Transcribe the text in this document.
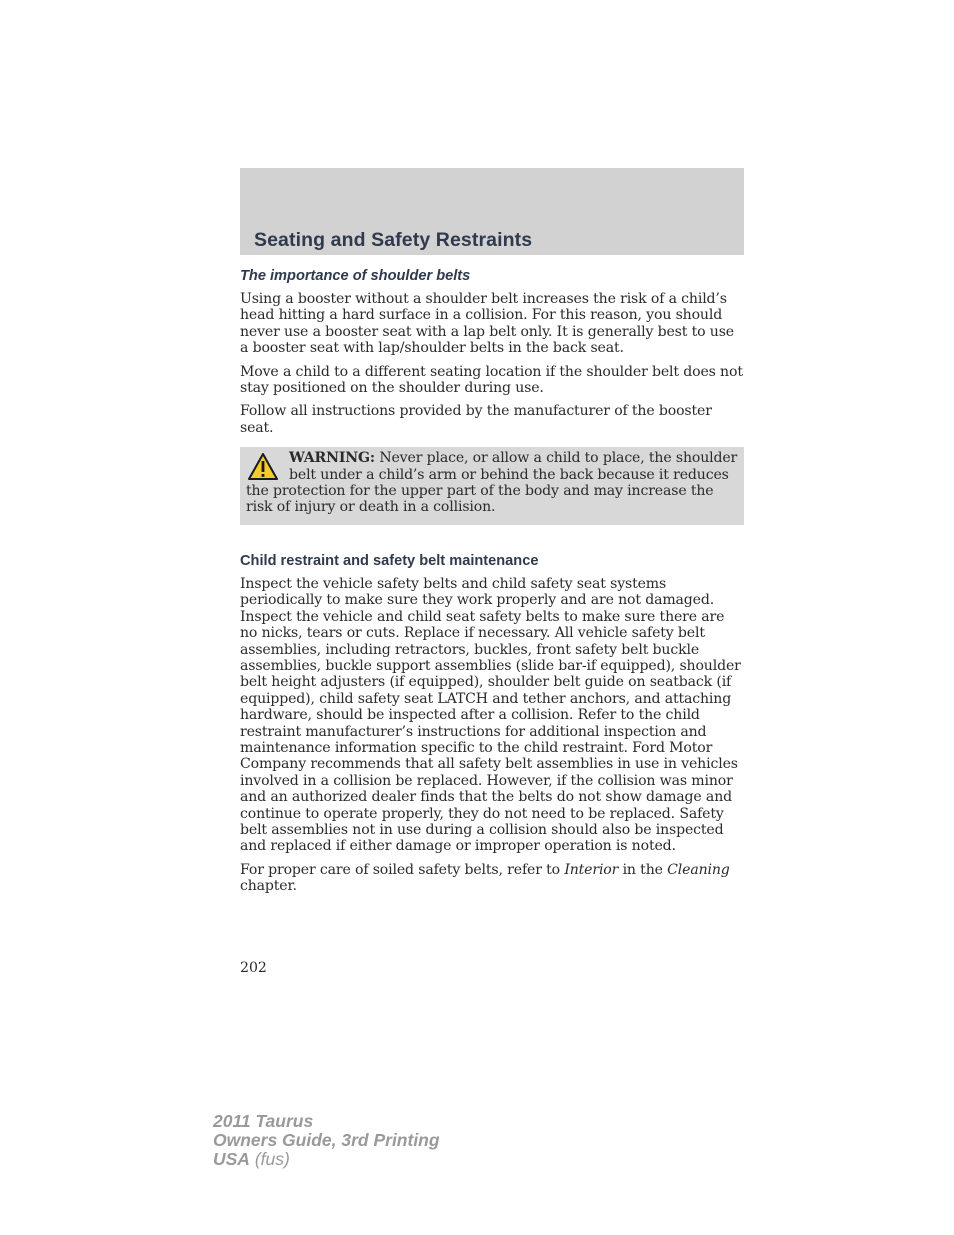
Seating and Safety Restraints
The importance of shoulder belts

Using a booster without a shoulder belt increases the risk of a child’s head hitting a hard surface in a collision. For this reason, you should never use a booster seat with a lap belt only. It is generally best to use a booster seat with lap/shoulder belts in the back seat.

Move a child to a different seating location if the shoulder belt does not stay positioned on the shoulder during use.

Follow all instructions provided by the manufacturer of the booster seat.

WARNING: Never place, or allow a child to place, the shoulder belt under a child’s arm or behind the back because it reduces the protection for the upper part of the body and may increase the risk of injury or death in a collision.
Child restraint and safety belt maintenance

Inspect the vehicle safety belts and child safety seat systems periodically to make sure they work properly and are not damaged. Inspect the vehicle and child seat safety belts to make sure there are no nicks, tears or cuts. Replace if necessary. All vehicle safety belt assemblies, including retractors, buckles, front safety belt buckle assemblies, buckle support assemblies (slide bar-if equipped), shoulder belt height adjusters (if equipped), shoulder belt guide on seatback (if equipped), child safety seat LATCH and tether anchors, and attaching hardware, should be inspected after a collision. Refer to the child restraint manufacturer’s instructions for additional inspection and maintenance information specific to the child restraint. Ford Motor Company recommends that all safety belt assemblies in use in vehicles involved in a collision be replaced. However, if the collision was minor and an authorized dealer finds that the belts do not show damage and continue to operate properly, they do not need to be replaced. Safety belt assemblies not in use during a collision should also be inspected and replaced if either damage or improper operation is noted.

For proper care of soiled safety belts, refer to Interior in the Cleaning chapter.

202
2011 Taurus
Owners Guide, 3rd Printing
USA (fus)
